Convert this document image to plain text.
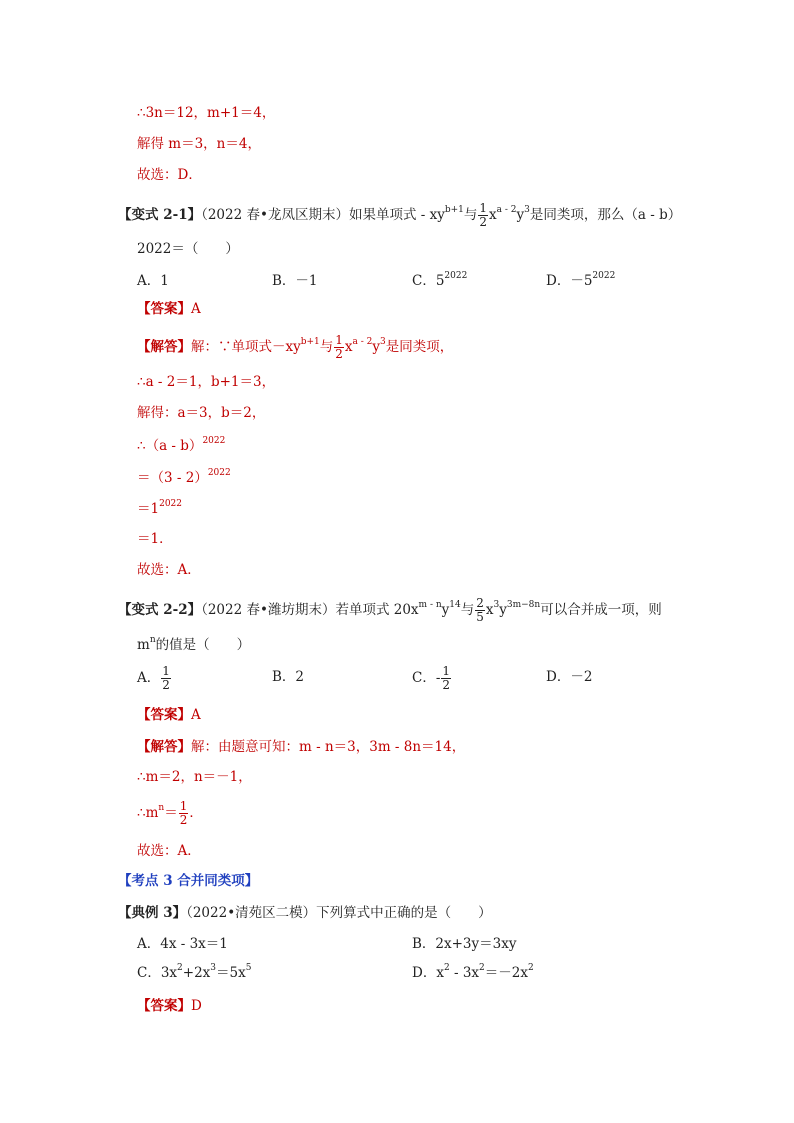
∴3n＝12，m+1＝4，
解得 m＝3，n＝4，
故选：D．
【变式 2-1】（2022 春•龙凤区期末）如果单项式 - $xy^{b+1}$与 $\frac{1}{2} x^{a - 2}y^3$是同类项，那么（a - b）
2022＝（　　）
A．1	B．－1	C．$5^{2022}$	D．$-5^{2022}$
【答案】A
【解答】解：∵单项式$-xy^{b+1}$与 $\frac{1}{2} x^{a - 2}y^3$是同类项，
∴a - 2＝1，b+1＝3，
解得：a＝3，b＝2，
∴（a - b）$^{2022}$
＝（3 - 2）$^{2022}$
$=1^{2022}$
＝1．
故选：A．
【变式 2-2】（2022 春•潍坊期末）若单项式 $20x^{m - n}y^{14}$与 $\frac{2}{5} x^3y^{3m-8n}$可以合并成一项，则
$m^n$的值是（　　）
A． $\frac{1}{2}$	B．2	C．- $\frac{1}{2}$	D．－2
【答案】A
【解答】解：由题意可知：m - n＝3，3m - 8n＝14，
∴m＝2，n＝－1，
$\therefore m^n= \frac{1}{2}$ ．
故选：A．
【考点 3 合并同类项】
【典例 3】（2022•清苑区二模）下列算式中正确的是（　　）
A．4x - 3x＝1	B．2x+3y＝3xy
C．$3x^2+2x^3=5x^5$	D．$x^2 - 3x^2=-2x^2$
【答案】D
